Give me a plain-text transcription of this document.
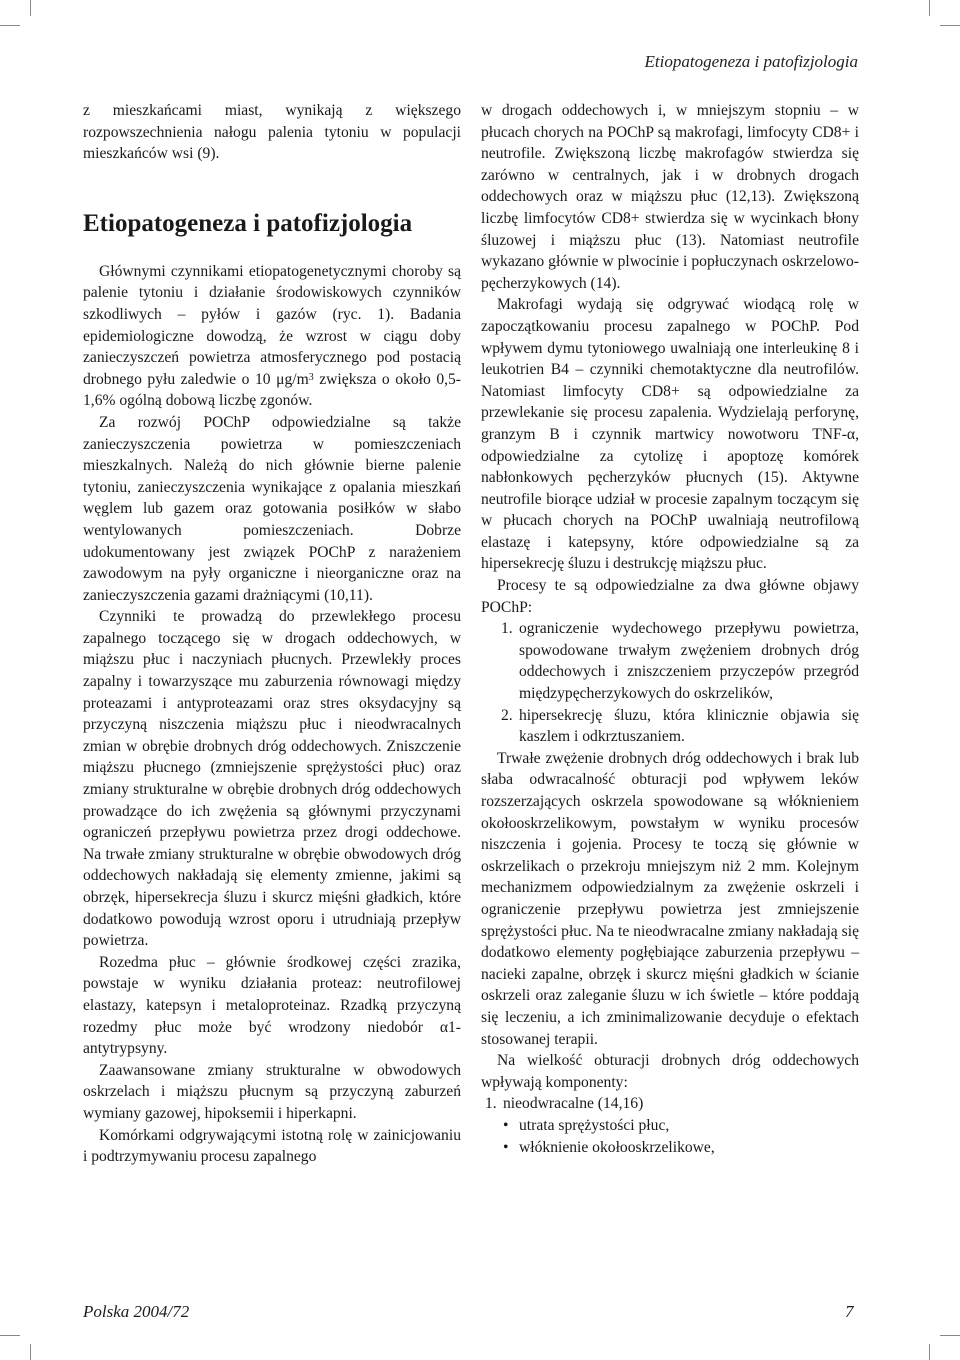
Etiopatogeneza i patofizjologia

z mieszkańcami miast, wynikają z większego rozpowszechnienia nałogu palenia tytoniu w populacji mieszkańców wsi (9).

Etiopatogeneza i patofizjologia

Głównymi czynnikami etiopatogenetycznymi choroby są palenie tytoniu i działanie środowiskowych czynników szkodliwych – pyłów i gazów (ryc. 1). Badania epidemiologiczne dowodzą, że wzrost w ciągu doby zanieczyszczeń powietrza atmosferycznego pod postacią drobnego pyłu zaledwie o 10 $\mu g/m^3$ zwiększa o około 0,5-1,6% ogólną dobową liczbę zgonów.

Za rozwój POChP odpowiedzialne są także zanieczyszczenia powietrza w pomieszczeniach mieszkalnych. Należą do nich głównie bierne palenie tytoniu, zanieczyszczenia wynikające z opalania mieszkań węglem lub gazem oraz gotowania posiłków w słabo wentylowanych pomieszczeniach. Dobrze udokumentowany jest związek POChP z narażeniem zawodowym na pyły organiczne i nieorganiczne oraz na zanieczyszczenia gazami drażniącymi (10,11).

Czynniki te prowadzą do przewlekłego procesu zapalnego toczącego się w drogach oddechowych, w miąższu płuc i naczyniach płucnych. Przewlekły proces zapalny i towarzyszące mu zaburzenia równowagi między proteazami i antyproteazami oraz stres oksydacyjny są przyczyną niszczenia miąższu płuc i nieodwracalnych zmian w obrębie drobnych dróg oddechowych. Zniszczenie miąższu płucnego (zmniejszenie sprężystości płuc) oraz zmiany strukturalne w obrębie drobnych dróg oddechowych prowadzące do ich zwężenia są głównymi przyczynami ograniczeń przepływu powietrza przez drogi oddechowe. Na trwałe zmiany strukturalne w obrębie obwodowych dróg oddechowych nakładają się elementy zmienne, jakimi są obrzęk, hipersekrecja śluzu i skurcz mięśni gładkich, które dodatkowo powodują wzrost oporu i utrudniają przepływ powietrza.

Rozedma płuc – głównie środkowej części zrazika, powstaje w wyniku działania proteaz: neutrofilowej elastazy, katepsyn i metaloproteinaz. Rzadką przyczyną rozedmy płuc może być wrodzony niedobór α1- antytrypsyny.

Zaawansowane zmiany strukturalne w obwodowych oskrzelach i miąższu płucnym są przyczyną zaburzeń wymiany gazowej, hipoksemii i hiperkapni.

Komórkami odgrywającymi istotną rolę w zainicjowaniu i podtrzymywaniu procesu zapalnego

w drogach oddechowych i, w mniejszym stopniu – w płucach chorych na POChP są makrofagi, limfocyty CD8+ i neutrofile. Zwiększoną liczbę makrofagów stwierdza się zarówno w centralnych, jak i w drobnych drogach oddechowych oraz w miąższu płuc (12,13). Zwiększoną liczbę limfocytów CD8+ stwierdza się w wycinkach błony śluzowej i miąższu płuc (13). Natomiast neutrofile wykazano głównie w plwocinie i popłuczynach oskrzelowo-pęcherzykowych (14).

Makrofagi wydają się odgrywać wiodącą rolę w zapoczątkowaniu procesu zapalnego w POChP. Pod wpływem dymu tytoniowego uwalniają one interleukinę 8 i leukotrien B4 – czynniki chemotaktyczne dla neutrofilów. Natomiast limfocyty CD8+ są odpowiedzialne za przewlekanie się procesu zapalenia. Wydzielają perforynę, granzym B i czynnik martwicy nowotworu TNF-α, odpowiedzialne za cytolizę i apoptozę komórek nabłonkowych pęcherzyków płucnych (15). Aktywne neutrofile biorące udział w procesie zapalnym toczącym się w płucach chorych na POChP uwalniają neutrofilową elastazę i katepsyny, które odpowiedzialne są za hipersekrecję śluzu i destrukcję miąższu płuc.

Procesy te są odpowiedzialne za dwa główne objawy POChP:

1. ograniczenie wydechowego przepływu powietrza, spowodowane trwałym zwężeniem drobnych dróg oddechowych i zniszczeniem przyczepów przegród międzypęcherzykowych do oskrzelików,
2. hipersekrecję śluzu, która klinicznie objawia się kaszlem i odkrztuszaniem.

Trwałe zwężenie drobnych dróg oddechowych i brak lub słaba odwracalność obturacji pod wpływem leków rozszerzających oskrzela spowodowane są włóknieniem okołooskrzelikowym, powstałym w wyniku procesów niszczenia i gojenia. Procesy te toczą się głównie w oskrzelikach o przekroju mniejszym niż 2 mm. Kolejnym mechanizmem odpowiedzialnym za zwężenie oskrzeli i ograniczenie przepływu powietrza jest zmniejszenie sprężystości płuc. Na te nieodwracalne zmiany nakładają się dodatkowo elementy pogłębiające zaburzenia przepływu – nacieki zapalne, obrzęk i skurcz mięśni gładkich w ścianie oskrzeli oraz zaleganie śluzu w ich świetle – które poddają się leczeniu, a ich zminimalizowanie decyduje o efektach stosowanej terapii.

Na wielkość obturacji drobnych dróg oddechowych wpływają komponenty:

1. nieodwracalne (14,16)
• utrata sprężystości płuc,
• włóknienie okołooskrzelikowe,
Polska 2004/72	7
